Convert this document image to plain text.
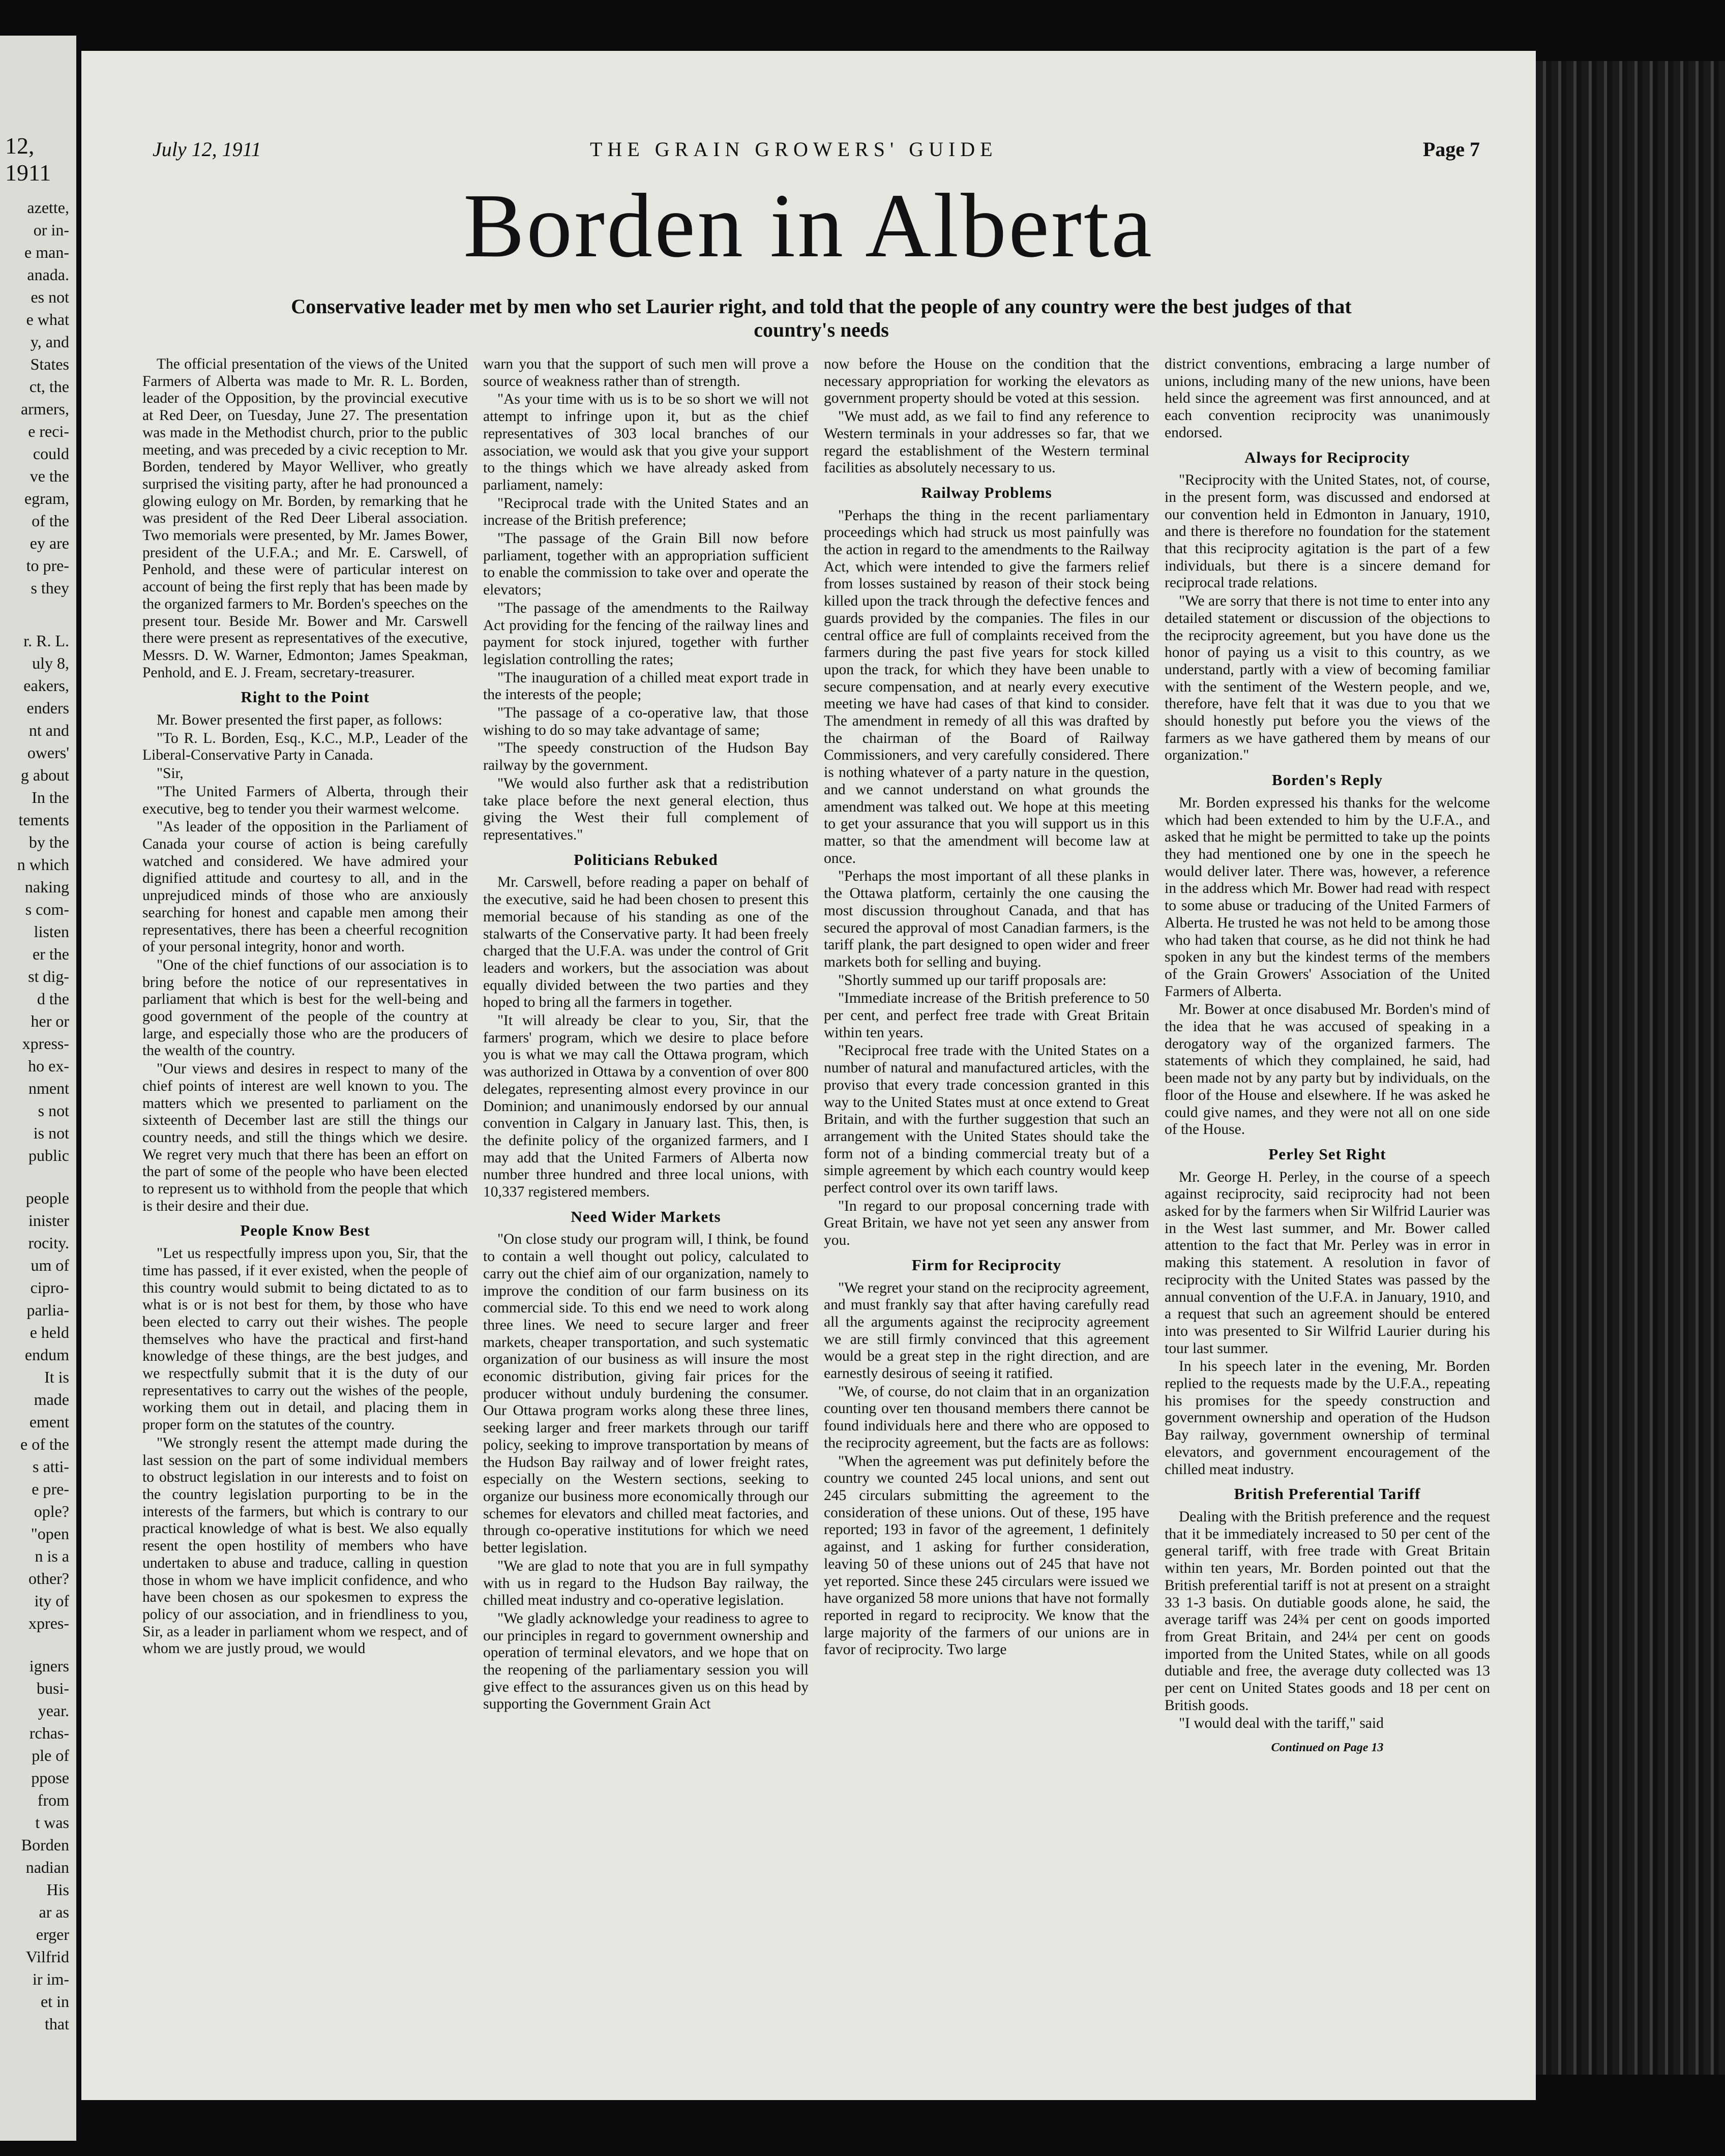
12, 1911
azette,
or in-
e man-
anada.
es not
e what
y, and
States
ct, the
armers,
e reci-
could
ve the
egram,
of the
ey are
to pre-
s they
r. R. L.
uly 8,
eakers,
enders
nt and
owers'
g about
In the
tements
by the
n which
naking
s com-
listen
er the
st dig-
d the
her or
xpress-
ho ex-
nment
s not
is not
public
people
inister
rocity.
um of
cipro-
parlia-
e held
endum
It is
made
ement
e of the
s atti-
e pre-
ople?
"open
n is a
other?
ity of
xpres-
igners
busi-
year.
rchas-
ple of
ppose
from
t was
Borden
nadian
His
ar as
erger
Vilfrid
ir im-
et in
that
July 12, 1911	THE GRAIN GROWERS' GUIDE	Page 7
Borden in Alberta
Conservative leader met by men who set Laurier right, and told that the people of any country were the best judges of that country's needs

The official presentation of the views of the United Farmers of Alberta was made to Mr. R. L. Borden, leader of the Opposition, by the provincial executive at Red Deer, on Tuesday, June 27. The presentation was made in the Methodist church, prior to the public meeting, and was preceded by a civic reception to Mr. Borden, tendered by Mayor Welliver, who greatly surprised the visiting party, after he had pronounced a glowing eulogy on Mr. Borden, by remarking that he was president of the Red Deer Liberal association. Two memorials were presented, by Mr. James Bower, president of the U.F.A.; and Mr. E. Carswell, of Penhold, and these were of particular interest on account of being the first reply that has been made by the organized farmers to Mr. Borden's speeches on the present tour. Beside Mr. Bower and Mr. Carswell there were present as representatives of the executive, Messrs. D. W. Warner, Edmonton; James Speakman, Penhold, and E. J. Fream, secretary-treasurer.

Right to the Point

Mr. Bower presented the first paper, as follows:

"To R. L. Borden, Esq., K.C., M.P., Leader of the Liberal-Conservative Party in Canada.

"Sir,

"The United Farmers of Alberta, through their executive, beg to tender you their warmest welcome.

"As leader of the opposition in the Parliament of Canada your course of action is being carefully watched and considered. We have admired your dignified attitude and courtesy to all, and in the unprejudiced minds of those who are anxiously searching for honest and capable men among their representatives, there has been a cheerful recognition of your personal integrity, honor and worth.

"One of the chief functions of our association is to bring before the notice of our representatives in parliament that which is best for the well-being and good government of the people of the country at large, and especially those who are the producers of the wealth of the country.

"Our views and desires in respect to many of the chief points of interest are well known to you. The matters which we presented to parliament on the sixteenth of December last are still the things our country needs, and still the things which we desire. We regret very much that there has been an effort on the part of some of the people who have been elected to represent us to withhold from the people that which is their desire and their due.

People Know Best

"Let us respectfully impress upon you, Sir, that the time has passed, if it ever existed, when the people of this country would submit to being dictated to as to what is or is not best for them, by those who have been elected to carry out their wishes. The people themselves who have the practical and first-hand knowledge of these things, are the best judges, and we respectfully submit that it is the duty of our representatives to carry out the wishes of the people, working them out in detail, and placing them in proper form on the statutes of the country.

"We strongly resent the attempt made during the last session on the part of some individual members to obstruct legislation in our interests and to foist on the country legislation purporting to be in the interests of the farmers, but which is contrary to our practical knowledge of what is best. We also equally resent the open hostility of members who have undertaken to abuse and traduce, calling in question those in whom we have implicit confidence, and who have been chosen as our spokesmen to express the policy of our association, and in friendliness to you, Sir, as a leader in parliament whom we respect, and of whom we are justly proud, we would

warn you that the support of such men will prove a source of weakness rather than of strength.

"As your time with us is to be so short we will not attempt to infringe upon it, but as the chief representatives of 303 local branches of our association, we would ask that you give your support to the things which we have already asked from parliament, namely:

"Reciprocal trade with the United States and an increase of the British preference;

"The passage of the Grain Bill now before parliament, together with an appropriation sufficient to enable the commission to take over and operate the elevators;

"The passage of the amendments to the Railway Act providing for the fencing of the railway lines and payment for stock injured, together with further legislation controlling the rates;

"The inauguration of a chilled meat export trade in the interests of the people;

"The passage of a co-operative law, that those wishing to do so may take advantage of same;

"The speedy construction of the Hudson Bay railway by the government.

"We would also further ask that a redistribution take place before the next general election, thus giving the West their full complement of representatives."

Politicians Rebuked

Mr. Carswell, before reading a paper on behalf of the executive, said he had been chosen to present this memorial because of his standing as one of the stalwarts of the Conservative party. It had been freely charged that the U.F.A. was under the control of Grit leaders and workers, but the association was about equally divided between the two parties and they hoped to bring all the farmers in together.

"It will already be clear to you, Sir, that the farmers' program, which we desire to place before you is what we may call the Ottawa program, which was authorized in Ottawa by a convention of over 800 delegates, representing almost every province in our Dominion; and unanimously endorsed by our annual convention in Calgary in January last. This, then, is the definite policy of the organized farmers, and I may add that the United Farmers of Alberta now number three hundred and three local unions, with 10,337 registered members.

Need Wider Markets

"On close study our program will, I think, be found to contain a well thought out policy, calculated to carry out the chief aim of our organization, namely to improve the condition of our farm business on its commercial side. To this end we need to work along three lines. We need to secure larger and freer markets, cheaper transportation, and such systematic organization of our business as will insure the most economic distribution, giving fair prices for the producer without unduly burdening the consumer. Our Ottawa program works along these three lines, seeking larger and freer markets through our tariff policy, seeking to improve transportation by means of the Hudson Bay railway and of lower freight rates, especially on the Western sections, seeking to organize our business more economically through our schemes for elevators and chilled meat factories, and through co-operative institutions for which we need better legislation.

"We are glad to note that you are in full sympathy with us in regard to the Hudson Bay railway, the chilled meat industry and co-operative legislation.

"We gladly acknowledge your readiness to agree to our principles in regard to government ownership and operation of terminal elevators, and we hope that on the reopening of the parliamentary session you will give effect to the assurances given us on this head by supporting the Government Grain Act

now before the House on the condition that the necessary appropriation for working the elevators as government property should be voted at this session.

"We must add, as we fail to find any reference to Western terminals in your addresses so far, that we regard the establishment of the Western terminal facilities as absolutely necessary to us.

Railway Problems

"Perhaps the thing in the recent parliamentary proceedings which had struck us most painfully was the action in regard to the amendments to the Railway Act, which were intended to give the farmers relief from losses sustained by reason of their stock being killed upon the track through the defective fences and guards provided by the companies. The files in our central office are full of complaints received from the farmers during the past five years for stock killed upon the track, for which they have been unable to secure compensation, and at nearly every executive meeting we have had cases of that kind to consider. The amendment in remedy of all this was drafted by the chairman of the Board of Railway Commissioners, and very carefully considered. There is nothing whatever of a party nature in the question, and we cannot understand on what grounds the amendment was talked out. We hope at this meeting to get your assurance that you will support us in this matter, so that the amendment will become law at once.

"Perhaps the most important of all these planks in the Ottawa platform, certainly the one causing the most discussion throughout Canada, and that has secured the approval of most Canadian farmers, is the tariff plank, the part designed to open wider and freer markets both for selling and buying.

"Shortly summed up our tariff proposals are:

"Immediate increase of the British preference to 50 per cent, and perfect free trade with Great Britain within ten years.

"Reciprocal free trade with the United States on a number of natural and manufactured articles, with the proviso that every trade concession granted in this way to the United States must at once extend to Great Britain, and with the further suggestion that such an arrangement with the United States should take the form not of a binding commercial treaty but of a simple agreement by which each country would keep perfect control over its own tariff laws.

"In regard to our proposal concerning trade with Great Britain, we have not yet seen any answer from you.

Firm for Reciprocity

"We regret your stand on the reciprocity agreement, and must frankly say that after having carefully read all the arguments against the reciprocity agreement we are still firmly convinced that this agreement would be a great step in the right direction, and are earnestly desirous of seeing it ratified.

"We, of course, do not claim that in an organization counting over ten thousand members there cannot be found individuals here and there who are opposed to the reciprocity agreement, but the facts are as follows:

"When the agreement was put definitely before the country we counted 245 local unions, and sent out 245 circulars submitting the agreement to the consideration of these unions. Out of these, 195 have reported; 193 in favor of the agreement, 1 definitely against, and 1 asking for further consideration, leaving 50 of these unions out of 245 that have not yet reported. Since these 245 circulars were issued we have organized 58 more unions that have not formally reported in regard to reciprocity. We know that the large majority of the farmers of our unions are in favor of reciprocity. Two large

district conventions, embracing a large number of unions, including many of the new unions, have been held since the agreement was first announced, and at each convention reciprocity was unanimously endorsed.

Always for Reciprocity

"Reciprocity with the United States, not, of course, in the present form, was discussed and endorsed at our convention held in Edmonton in January, 1910, and there is therefore no foundation for the statement that this reciprocity agitation is the part of a few individuals, but there is a sincere demand for reciprocal trade relations.

"We are sorry that there is not time to enter into any detailed statement or discussion of the objections to the reciprocity agreement, but you have done us the honor of paying us a visit to this country, as we understand, partly with a view of becoming familiar with the sentiment of the Western people, and we, therefore, have felt that it was due to you that we should honestly put before you the views of the farmers as we have gathered them by means of our organization."

Borden's Reply

Mr. Borden expressed his thanks for the welcome which had been extended to him by the U.F.A., and asked that he might be permitted to take up the points they had mentioned one by one in the speech he would deliver later. There was, however, a reference in the address which Mr. Bower had read with respect to some abuse or traducing of the United Farmers of Alberta. He trusted he was not held to be among those who had taken that course, as he did not think he had spoken in any but the kindest terms of the members of the Grain Growers' Association of the United Farmers of Alberta.

Mr. Bower at once disabused Mr. Borden's mind of the idea that he was accused of speaking in a derogatory way of the organized farmers. The statements of which they complained, he said, had been made not by any party but by individuals, on the floor of the House and elsewhere. If he was asked he could give names, and they were not all on one side of the House.

Perley Set Right

Mr. George H. Perley, in the course of a speech against reciprocity, said reciprocity had not been asked for by the farmers when Sir Wilfrid Laurier was in the West last summer, and Mr. Bower called attention to the fact that Mr. Perley was in error in making this statement. A resolution in favor of reciprocity with the United States was passed by the annual convention of the U.F.A. in January, 1910, and a request that such an agreement should be entered into was presented to Sir Wilfrid Laurier during his tour last summer.

In his speech later in the evening, Mr. Borden replied to the requests made by the U.F.A., repeating his promises for the speedy construction and government ownership and operation of the Hudson Bay railway, government ownership of terminal elevators, and government encouragement of the chilled meat industry.

British Preferential Tariff

Dealing with the British preference and the request that it be immediately increased to 50 per cent of the general tariff, with free trade with Great Britain within ten years, Mr. Borden pointed out that the British preferential tariff is not at present on a straight 33 1-3 basis. On dutiable goods alone, he said, the average tariff was 24¾ per cent on goods imported from Great Britain, and 24¼ per cent on goods imported from the United States, while on all goods dutiable and free, the average duty collected was 13 per cent on United States goods and 18 per cent on British goods.

"I would deal with the tariff," said

Continued on Page 13
